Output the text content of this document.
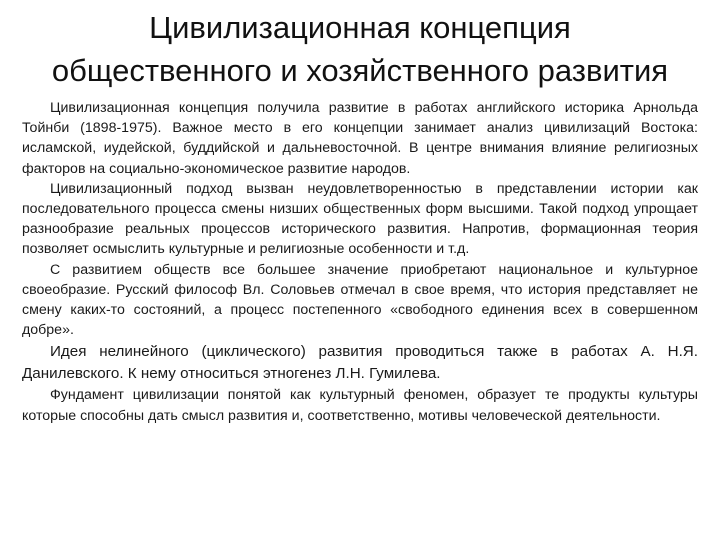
Цивилизационная концепция
общественного и хозяйственного развития

Цивилизационная концепция получила развитие в работах английского историка Арнольда Тойнби (1898-1975). Важное место в его концепции занимает анализ цивилизаций Востока: исламской, иудейской, буддийской и дальневосточной. В центре внимания влияние религиозных факторов на социально-экономическое развитие народов.

Цивилизационный подход вызван неудовлетворенностью в представлении истории как последовательного процесса смены низших общественных форм высшими. Такой подход упрощает разнообразие реальных процессов исторического развития. Напротив, формационная теория позволяет осмыслить культурные и религиозные особенности и т.д.

С развитием обществ все большее значение приобретают национальное и культурное своеобразие. Русский философ Вл. Соловьев отмечал в свое время, что история представляет не смену каких-то состояний, а процесс постепенного «свободного единения всех в совершенном добре».

Идея нелинейного (циклического) развития проводиться также в работах А. Н.Я. Данилевского. К нему относиться этногенез Л.Н. Гумилева.

Фундамент цивилизации понятой как культурный феномен, образует те продукты культуры которые способны дать смысл развития и, соответственно, мотивы человеческой деятельности.
